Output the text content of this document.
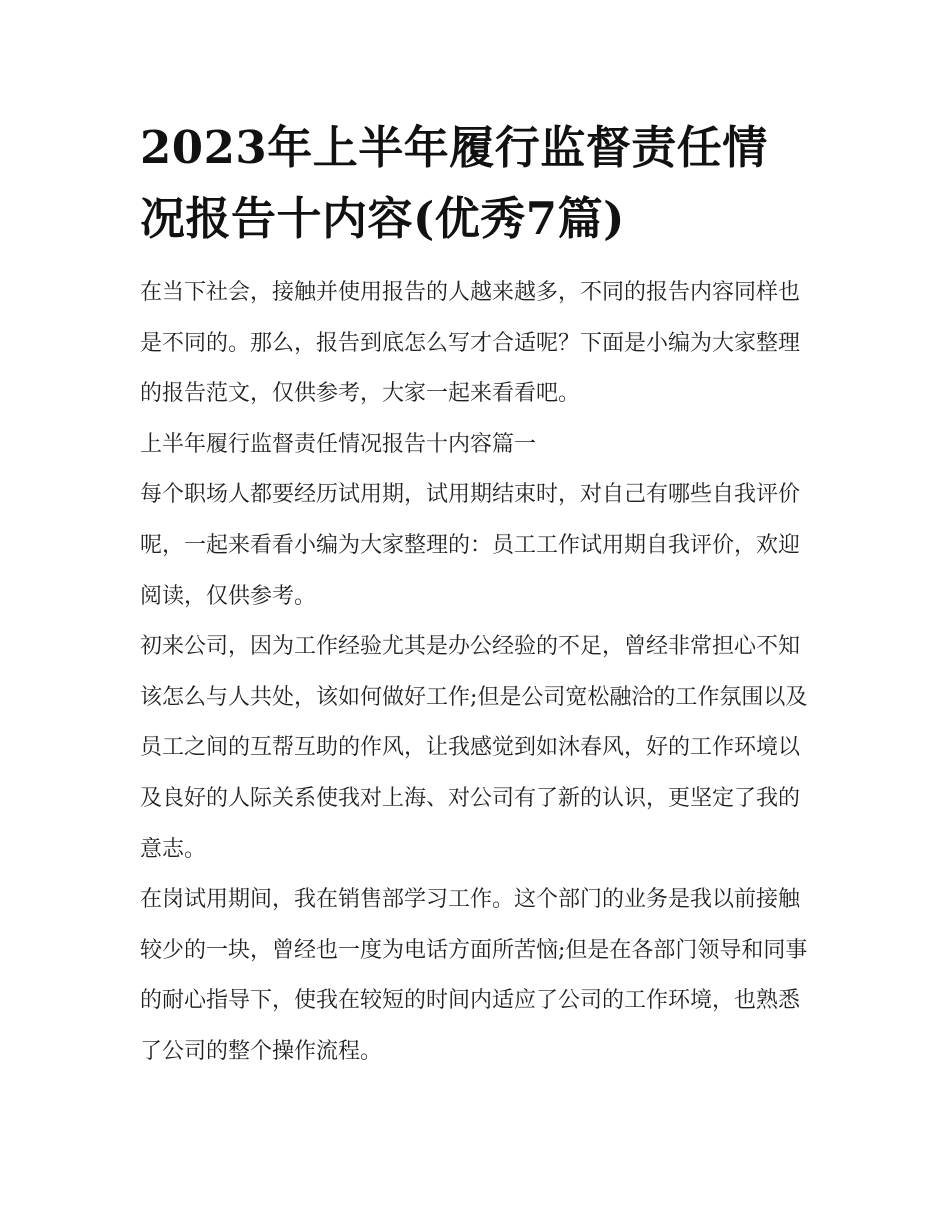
2023年上半年履行监督责任情况报告十内容(优秀7篇)

在当下社会，接触并使用报告的人越来越多，不同的报告内容同样也是不同的。那么，报告到底怎么写才合适呢？下面是小编为大家整理的报告范文，仅供参考，大家一起来看看吧。

上半年履行监督责任情况报告十内容篇一

每个职场人都要经历试用期，试用期结束时，对自己有哪些自我评价呢，一起来看看小编为大家整理的：员工工作试用期自我评价，欢迎阅读，仅供参考。

初来公司，因为工作经验尤其是办公经验的不足，曾经非常担心不知该怎么与人共处，该如何做好工作;但是公司宽松融洽的工作氛围以及员工之间的互帮互助的作风，让我感觉到如沐春风，好的工作环境以及良好的人际关系使我对上海、对公司有了新的认识，更坚定了我的意志。

在岗试用期间，我在销售部学习工作。这个部门的业务是我以前接触较少的一块，曾经也一度为电话方面所苦恼;但是在各部门领导和同事的耐心指导下，使我在较短的时间内适应了公司的工作环境，也熟悉了公司的整个操作流程。
